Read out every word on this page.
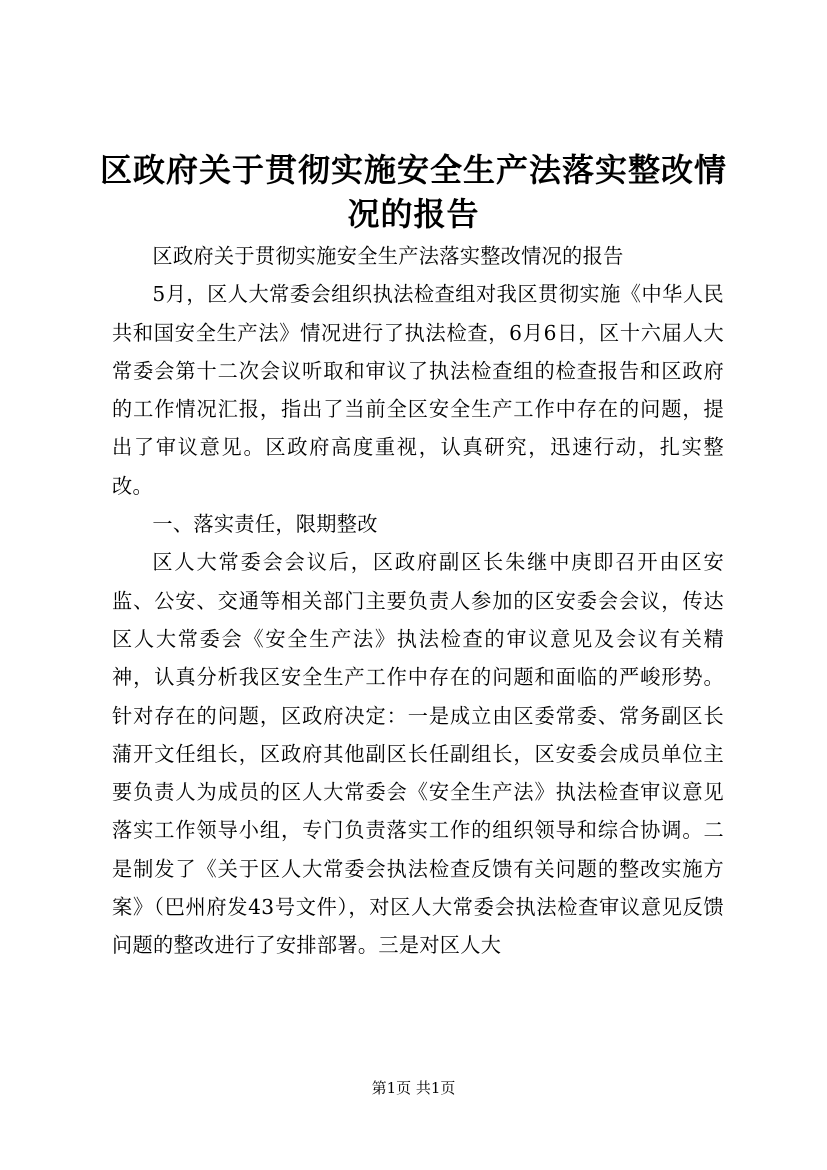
区政府关于贯彻实施安全生产法落实整改情况的报告

区政府关于贯彻实施安全生产法落实整改情况的报告

5月，区人大常委会组织执法检查组对我区贯彻实施《中华人民共和国安全生产法》情况进行了执法检查，6月6日，区十六届人大常委会第十二次会议听取和审议了执法检查组的检查报告和区政府的工作情况汇报，指出了当前全区安全生产工作中存在的问题，提出了审议意见。区政府高度重视，认真研究，迅速行动，扎实整改。

一、落实责任，限期整改

区人大常委会会议后，区政府副区长朱继中庚即召开由区安监、公安、交通等相关部门主要负责人参加的区安委会会议，传达区人大常委会《安全生产法》执法检查的审议意见及会议有关精神，认真分析我区安全生产工作中存在的问题和面临的严峻形势。针对存在的问题，区政府决定：一是成立由区委常委、常务副区长蒲开文任组长，区政府其他副区长任副组长，区安委会成员单位主要负责人为成员的区人大常委会《安全生产法》执法检查审议意见落实工作领导小组，专门负责落实工作的组织领导和综合协调。二是制发了《关于区人大常委会执法检查反馈有关问题的整改实施方案》（巴州府发43号文件），对区人大常委会执法检查审议意见反馈问题的整改进行了安排部署。三是对区人大

第1页 共1页
